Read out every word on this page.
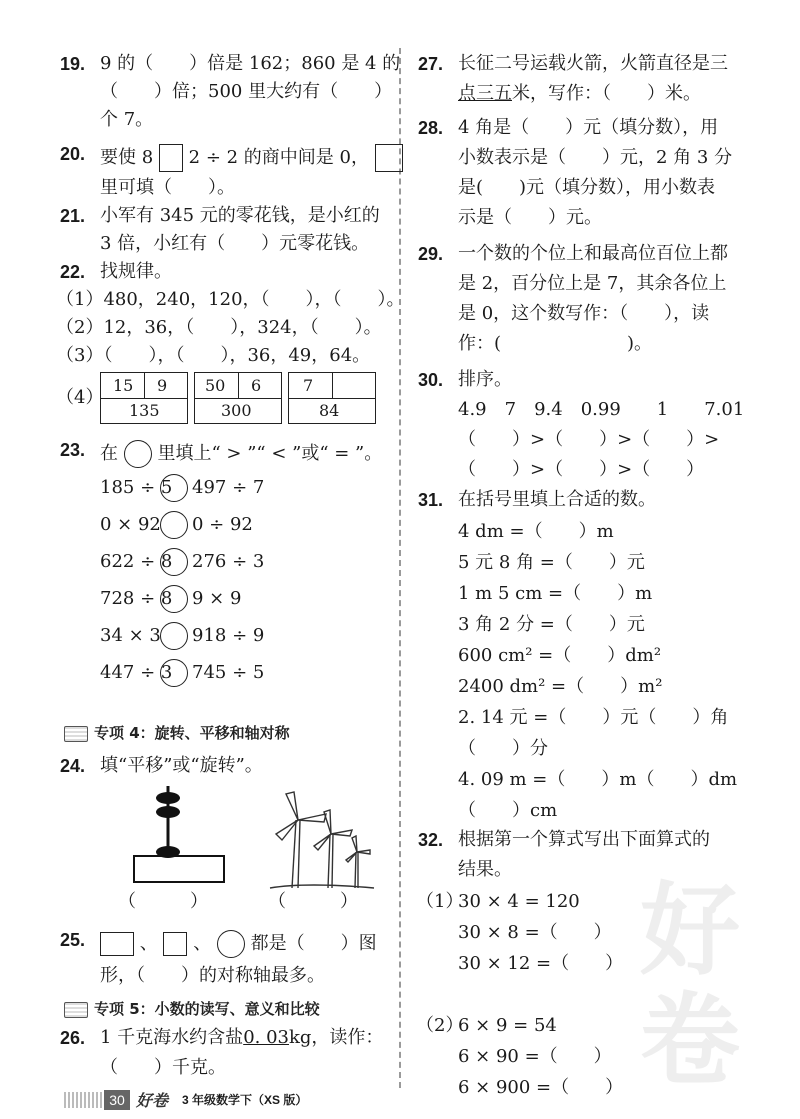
19. 9 的（　　）倍是 162；860 是 4 的
（　　）倍；500 里大约有（　　）
个 7。
20. 要使 8 2 ÷ 2 的商中间是 0，
里可填（　　）。
21. 小军有 345 元的零花钱，是小红的
3 倍，小红有（　　）元零花钱。
22. 找规律。
（1）480，240，120，（　　），（　　）。
（2）12，36，（　　），324，（　　）。
（3）（　　），（　　），36，49，64。
（4）
15 9
135
50 6
300
7
84
23. 在 里填上“ > ”“ < ”或“ = ”。
185 ÷ 5 497 ÷ 7
0 × 92 0 ÷ 92
622 ÷ 8 276 ÷ 3
728 ÷ 8 9 × 9
34 × 3 918 ÷ 9
447 ÷ 3 745 ÷ 5
专项 4：旋转、平移和轴对称
24. 填“平移”或“旋转”。
（　　　）	（　　　）
25.	、 、 都是（　　）图
形，（　　）的对称轴最多。
专项 5：小数的读写、意义和比较
26. 1 千克海水约含盐0. 03kg，读作：
（　　）千克。
27. 长征二号运载火箭，火箭直径是三
点三五米，写作：（　　）米。
28. 4 角是（　　）元（填分数），用
小数表示是（　　）元，2 角 3 分
是(　　)元（填分数），用小数表
示是（　　）元。
29. 一个数的个位上和最高位百位上都
是 2，百分位上是 7，其余各位上
是 0，这个数写作：（　　），读
作：(　　　　　　　)。
30. 排序。
4.9　7　9.4　0.99　　1　　7.01
（　　）>（　　）>（　　）>
（　　）>（　　）>（　　）
31. 在括号里填上合适的数。
4 dm =（　　）m
5 元 8 角 =（　　）元
1 m 5 cm =（　　）m
3 角 2 分 =（　　）元
600 cm² =（　　）dm²
2400 dm² =（　　）m²
2. 14 元 =（　　）元（　　）角
（　　）分
4. 09 m =（　　）m（　　）dm
（　　）cm
32. 根据第一个算式写出下面算式的
结果。
（1）
（2）
30 × 4 = 120
30 × 8 =（　　）
30 × 12 =（　　）
6 × 9 = 54
6 × 90 =（　　）
6 × 900 =（　　）
好
卷
30 好卷 3 年级数学下（XS 版）
